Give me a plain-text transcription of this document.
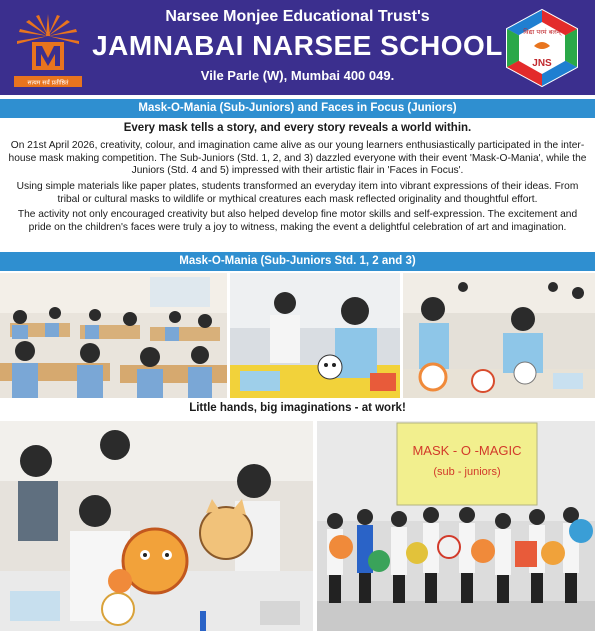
सत्यम सर्वं प्रतीष्ठितं
Narsee Monjee Educational Trust's
JAMNABAI NARSEE SCHOOL
Vile Parle (W), Mumbai 400 049.
विद्या परमं बलम्
JNS
Mask-O-Mania (Sub-Juniors) and Faces in Focus (Juniors)
Every mask tells a story, and every story reveals a world within.
On 21st April 2026, creativity, colour, and imagination came alive as our young learners enthusiastically participated in the inter-house mask making competition. The Sub-Juniors (Std. 1, 2, and 3) dazzled everyone with their event 'Mask-O-Mania', while the Juniors (Std. 4 and 5) impressed with their artistic flair in 'Faces in Focus'.
Using simple materials like paper plates, students transformed an everyday item into vibrant expressions of their ideas. From tribal or cultural masks to wildlife or mythical creatures each mask reflected originality and thoughtful effort.
The activity not only encouraged creativity but also helped develop fine motor skills and self-expression. The excitement and pride on the children's faces were truly a joy to witness, making the event a delightful celebration of art and imagination.
Mask-O-Mania (Sub-Juniors Std. 1, 2 and 3)
Little hands, big imaginations - at work!
MASK - O -MAGIC
(sub - juniors)
